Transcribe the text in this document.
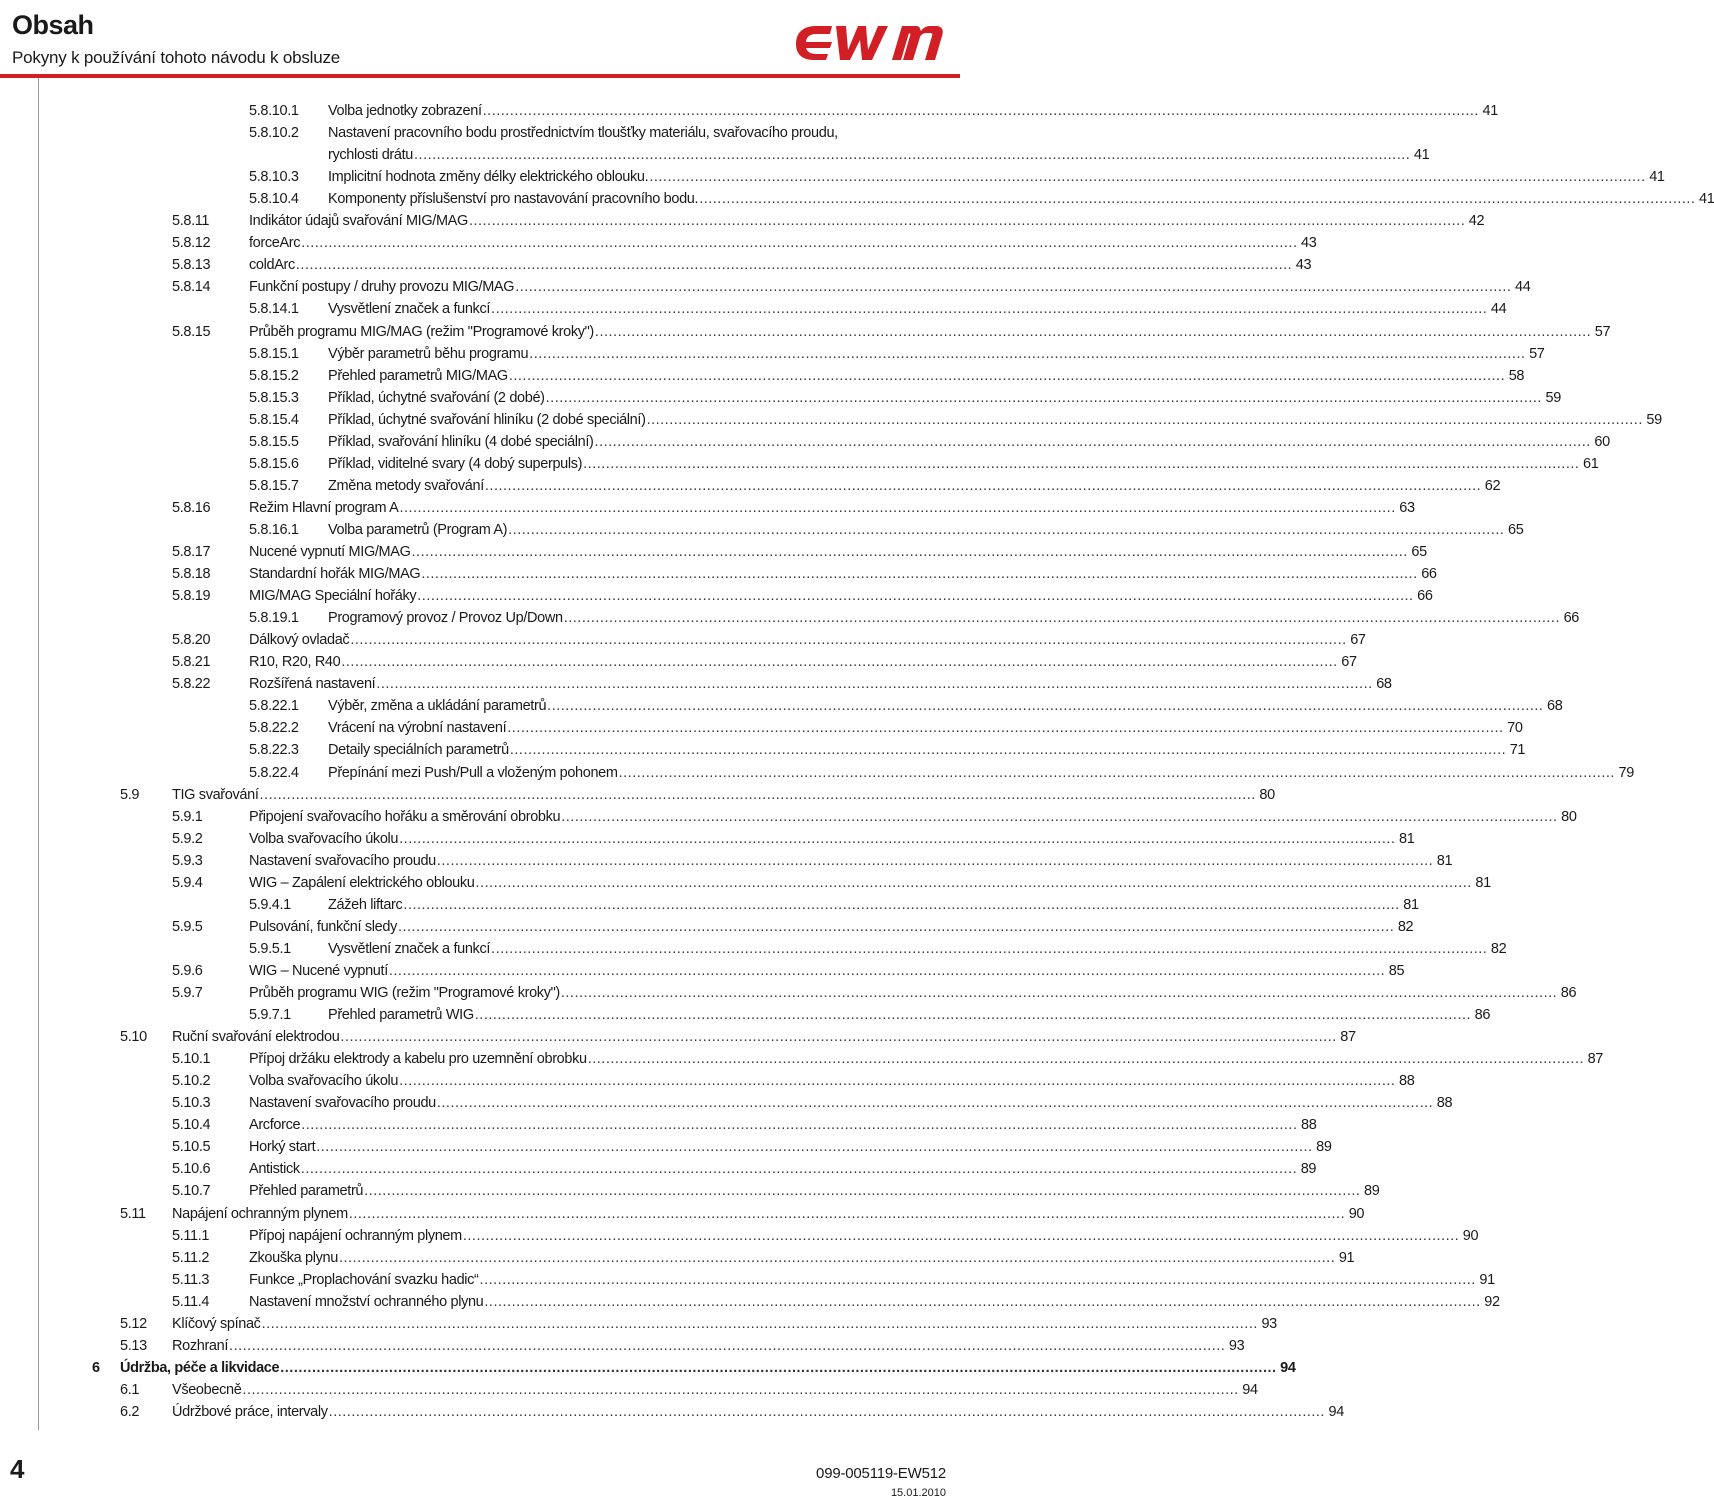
Obsah
Pokyny k používání tohoto návodu k obsluze
5.8.10.1 Volba jednotky zobrazení ............................................................................................................................................................................................................................ 41
5.8.10.2 Nastavení pracovního bodu prostřednictvím tloušťky materiálu, svařovacího proudu,
rychlosti drátu ............................................................................................................................................................................................................................ 41
5.8.10.3 Implicitní hodnota změny délky elektrického oblouku. ............................................................................................................................................................................................................................ 41
5.8.10.4 Komponenty příslušenství pro nastavování pracovního bodu. ............................................................................................................................................................................................................................ 41
5.8.11	Indikátor údajů svařování MIG/MAG ............................................................................................................................................................................................................................ 42
5.8.12	forceArc ............................................................................................................................................................................................................................ 43
5.8.13	coldArc ............................................................................................................................................................................................................................ 43
5.8.14	Funkční postupy / druhy provozu MIG/MAG ............................................................................................................................................................................................................................ 44
5.8.14.1 Vysvětlení značek a funkcí ............................................................................................................................................................................................................................ 44
5.8.15	Průběh programu MIG/MAG (režim "Programové kroky") ............................................................................................................................................................................................................................ 57
5.8.15.1 Výběr parametrů běhu programu ............................................................................................................................................................................................................................ 57
5.8.15.2 Přehled parametrů MIG/MAG ............................................................................................................................................................................................................................ 58
5.8.15.3 Příklad, úchytné svařování (2 dobé) ............................................................................................................................................................................................................................ 59
5.8.15.4 Příklad, úchytné svařování hliníku (2 dobé speciální) ............................................................................................................................................................................................................................ 59
5.8.15.5 Příklad, svařování hliníku (4 dobé speciální) ............................................................................................................................................................................................................................ 60
5.8.15.6 Příklad, viditelné svary (4 dobý superpuls) ............................................................................................................................................................................................................................ 61
5.8.15.7 Změna metody svařování ............................................................................................................................................................................................................................ 62
5.8.16	Režim Hlavní program A ............................................................................................................................................................................................................................ 63
5.8.16.1 Volba parametrů (Program A) ............................................................................................................................................................................................................................ 65
5.8.17	Nucené vypnutí MIG/MAG ............................................................................................................................................................................................................................ 65
5.8.18	Standardní hořák MIG/MAG ............................................................................................................................................................................................................................ 66
5.8.19	MIG/MAG Speciální hořáky ............................................................................................................................................................................................................................ 66
5.8.19.1 Programový provoz / Provoz Up/Down ............................................................................................................................................................................................................................ 66
5.8.20	Dálkový ovladač ............................................................................................................................................................................................................................ 67
5.8.21	R10, R20, R40 ............................................................................................................................................................................................................................ 67
5.8.22	Rozšířená nastavení ............................................................................................................................................................................................................................ 68
5.8.22.1 Výběr, změna a ukládání parametrů ............................................................................................................................................................................................................................ 68
5.8.22.2 Vrácení na výrobní nastavení ............................................................................................................................................................................................................................ 70
5.8.22.3 Detaily speciálních parametrů ............................................................................................................................................................................................................................ 71
5.8.22.4 Přepínání mezi Push/Pull a vloženým pohonem ............................................................................................................................................................................................................................ 79
5.9 TIG svařování ............................................................................................................................................................................................................................ 80
5.9.1	Připojení svařovacího hořáku a směrování obrobku ............................................................................................................................................................................................................................ 80
5.9.2	Volba svařovacího úkolu ............................................................................................................................................................................................................................ 81
5.9.3	Nastavení svařovacího proudu ............................................................................................................................................................................................................................ 81
5.9.4	WIG – Zapálení elektrického oblouku ............................................................................................................................................................................................................................ 81
5.9.4.1	Zážeh liftarc ............................................................................................................................................................................................................................ 81
5.9.5	Pulsování, funkční sledy ............................................................................................................................................................................................................................ 82
5.9.5.1	Vysvětlení značek a funkcí ............................................................................................................................................................................................................................ 82
5.9.6	WIG – Nucené vypnutí ............................................................................................................................................................................................................................ 85
5.9.7	Průběh programu WIG (režim "Programové kroky") ............................................................................................................................................................................................................................ 86
5.9.7.1	Přehled parametrů WIG ............................................................................................................................................................................................................................ 86
5.10 Ruční svařování elektrodou ............................................................................................................................................................................................................................ 87
5.10.1	Přípoj držáku elektrody a kabelu pro uzemnění obrobku ............................................................................................................................................................................................................................ 87
5.10.2	Volba svařovacího úkolu ............................................................................................................................................................................................................................ 88
5.10.3	Nastavení svařovacího proudu ............................................................................................................................................................................................................................ 88
5.10.4	Arcforce ............................................................................................................................................................................................................................ 88
5.10.5	Horký start ............................................................................................................................................................................................................................ 89
5.10.6	Antistick ............................................................................................................................................................................................................................ 89
5.10.7	Přehled parametrů ............................................................................................................................................................................................................................ 89
5.11 Napájení ochranným plynem ............................................................................................................................................................................................................................ 90
5.11.1	Přípoj napájení ochranným plynem ............................................................................................................................................................................................................................ 90
5.11.2	Zkouška plynu ............................................................................................................................................................................................................................ 91
5.11.3	Funkce „Proplachování svazku hadic“ ............................................................................................................................................................................................................................ 91
5.11.4	Nastavení množství ochranného plynu ............................................................................................................................................................................................................................ 92
5.12 Klíčový spínač ............................................................................................................................................................................................................................ 93
5.13 Rozhraní ............................................................................................................................................................................................................................ 93
6 Údržba, péče a likvidace ............................................................................................................................................................................................................................ 94
6.1 Všeobecně ............................................................................................................................................................................................................................ 94
6.2 Údržbové práce, intervaly ............................................................................................................................................................................................................................ 94
4	099-005119-EW512
15.01.2010
